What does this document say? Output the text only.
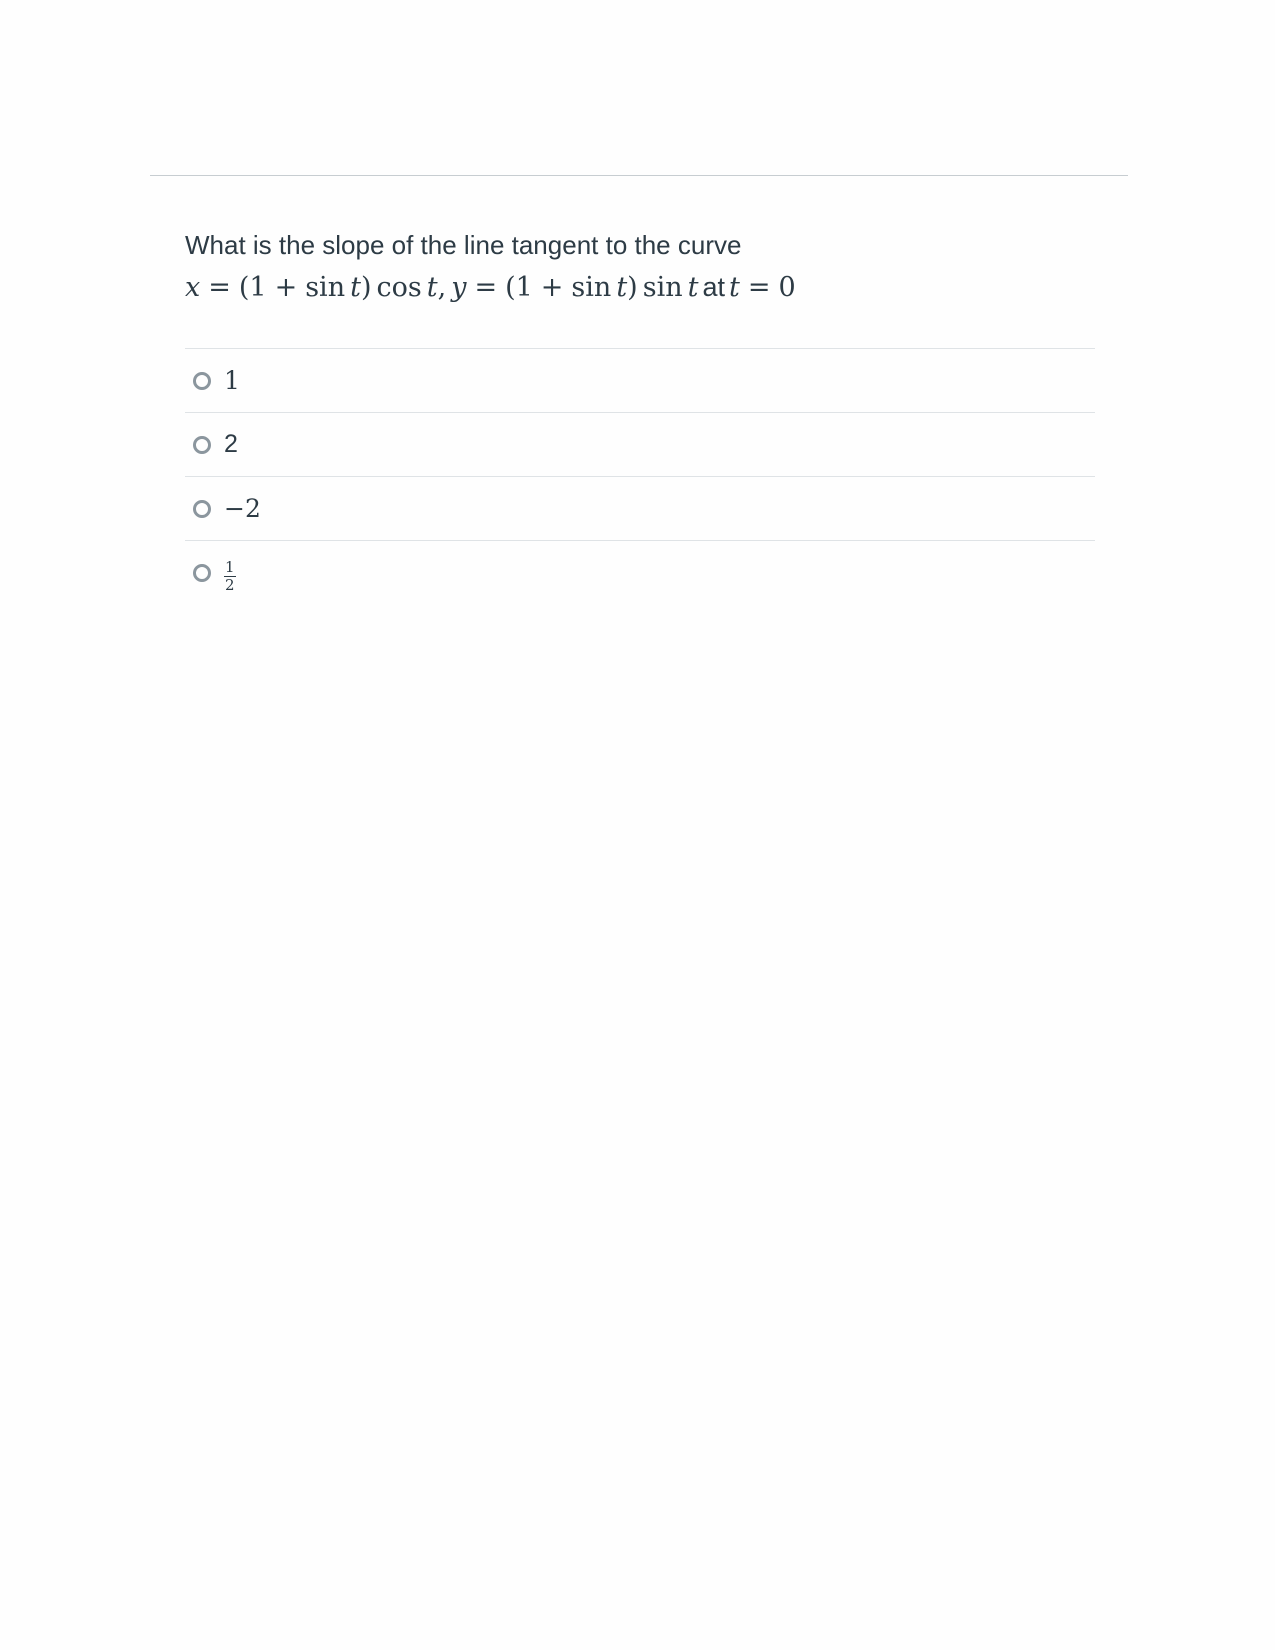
What is the slope of the line tangent to the curve
x = (1 + sin t) cos t, y = (1 + sin t) sin t at t = 0
1
2
−2
$\frac{1}{2}$
